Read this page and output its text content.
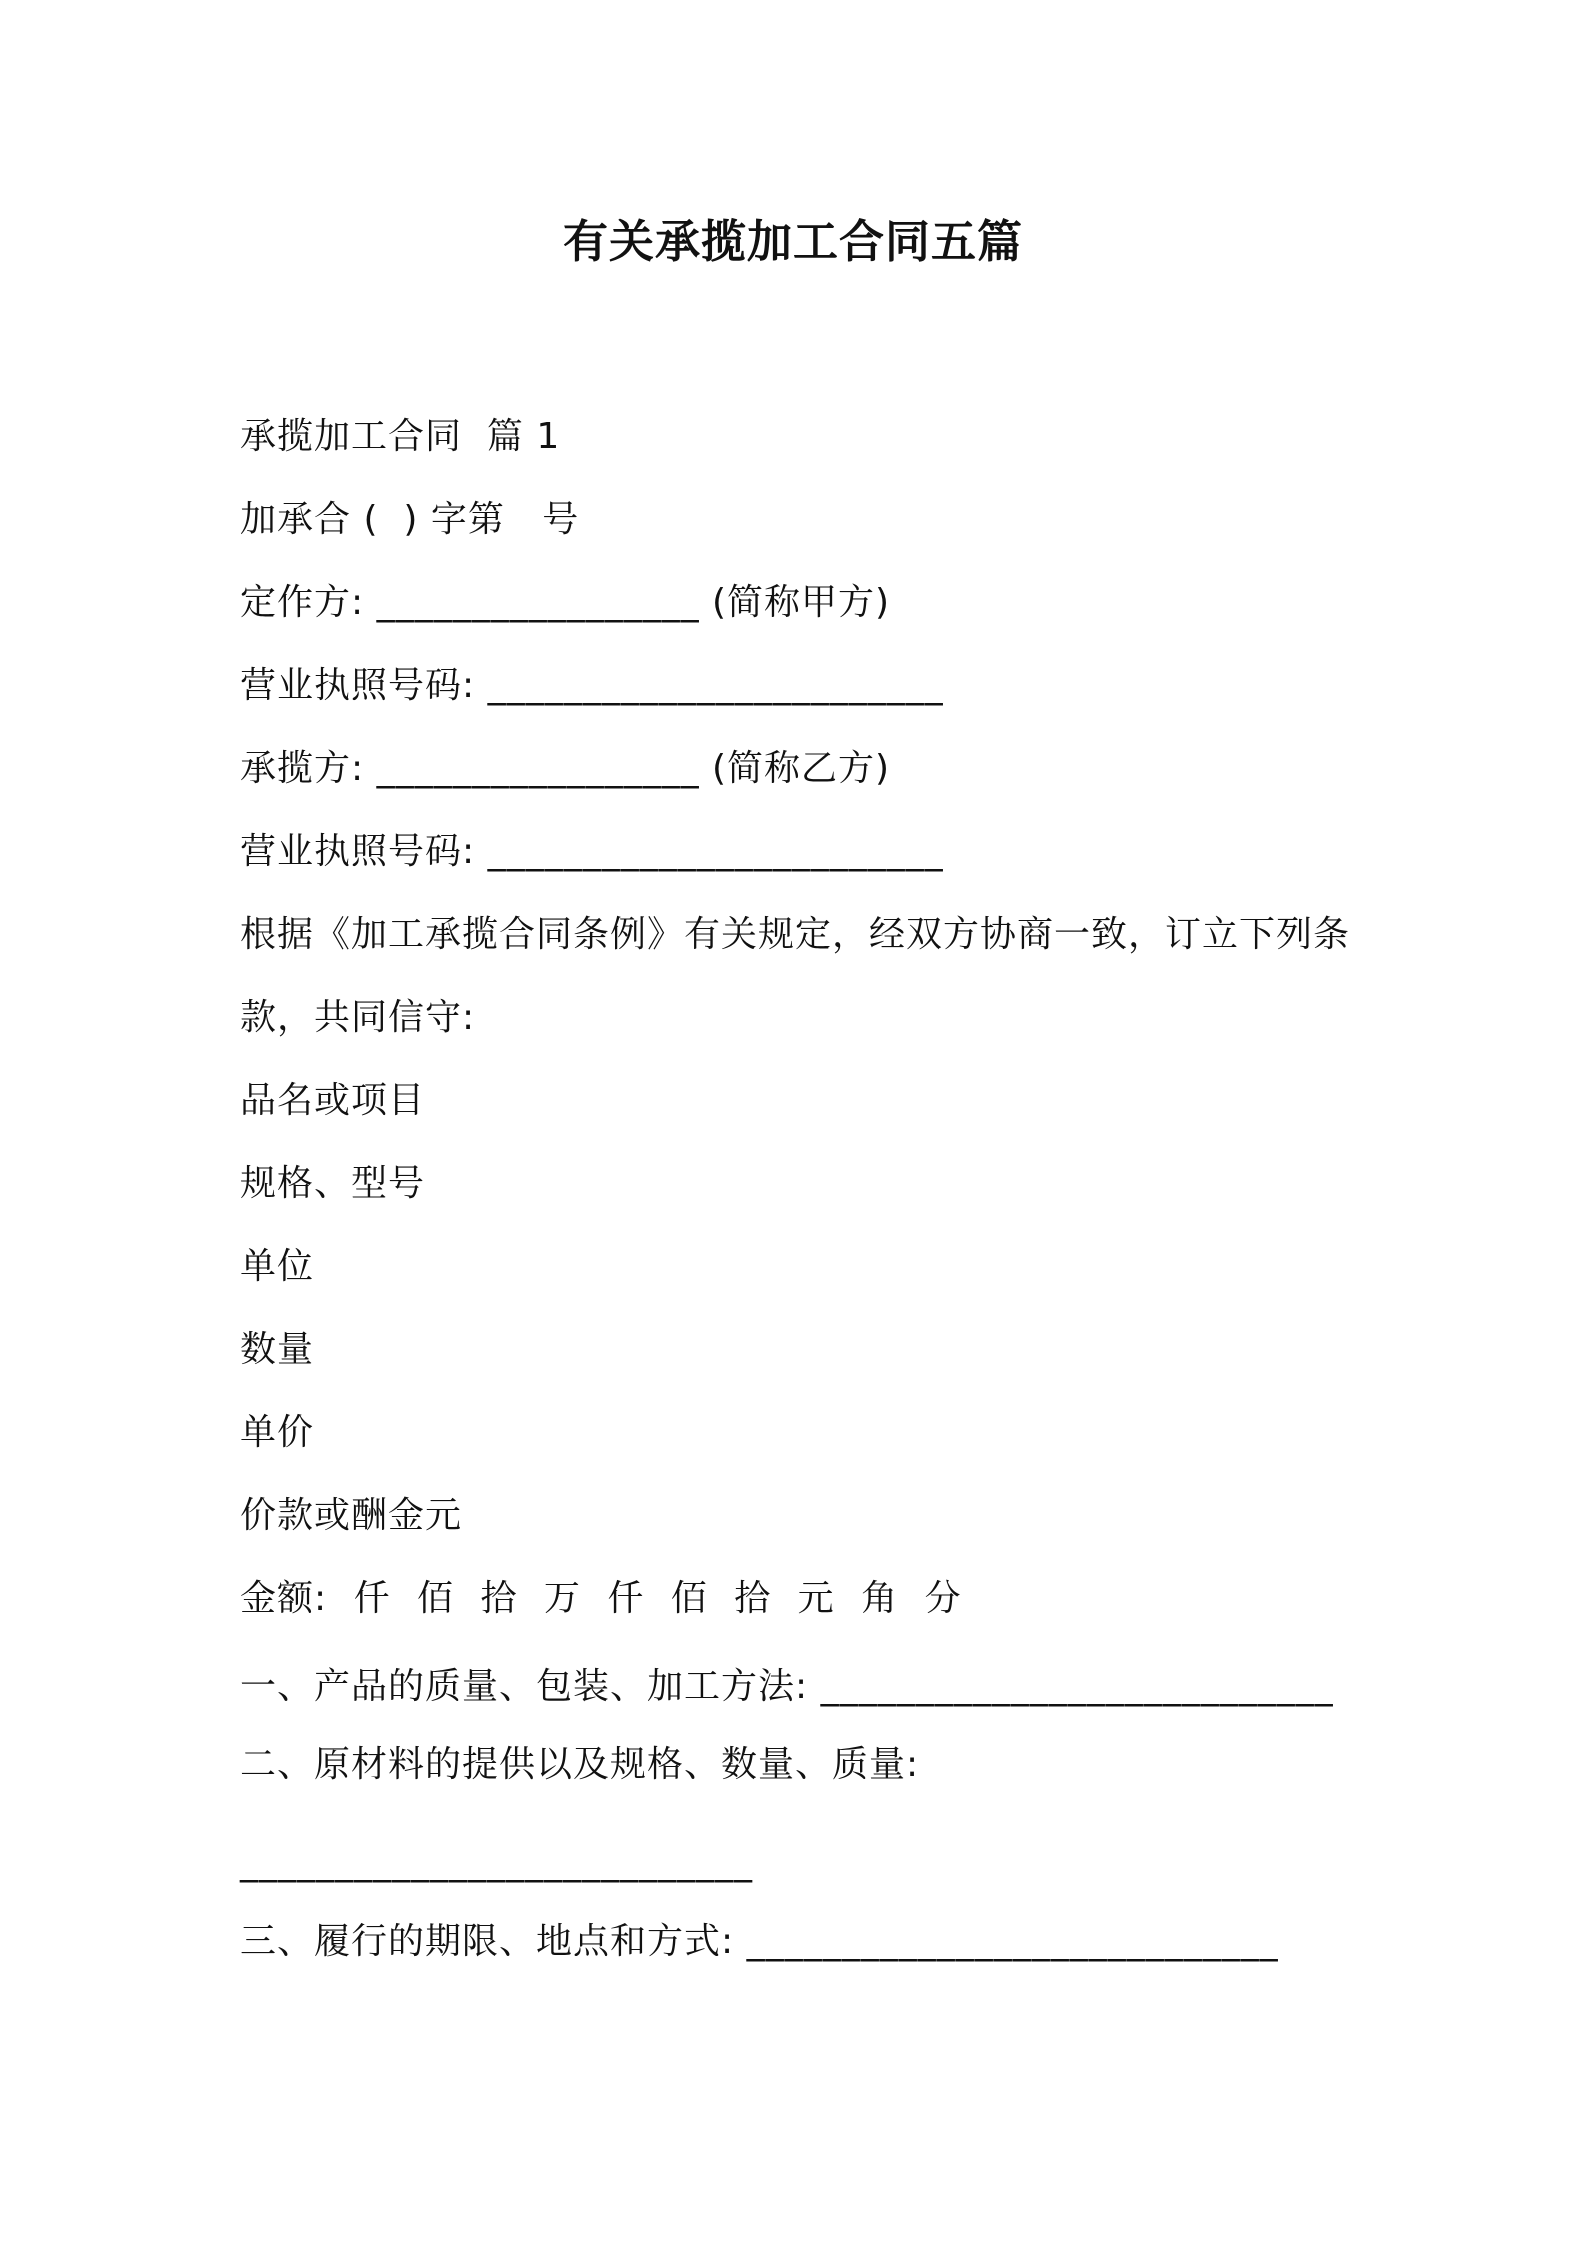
有关承揽加工合同五篇
承揽加工合同  篇 1
加承合 (  ) 字第   号
定作方: _________________ (简称甲方)
营业执照号码: ________________________
承揽方: _________________ (简称乙方)
营业执照号码: ________________________
根据《加工承揽合同条例》有关规定，经双方协商一致，订立下列条
款，共同信守:
品名或项目
规格、型号
单位
数量
单价
价款或酬金元
金额: 仟 佰 拾 万 仟 佰 拾 元 角 分
一、产品的质量、包装、加工方法: ___________________________
二、原材料的提供以及规格、数量、质量:
___________________________
三、履行的期限、地点和方式: ____________________________
